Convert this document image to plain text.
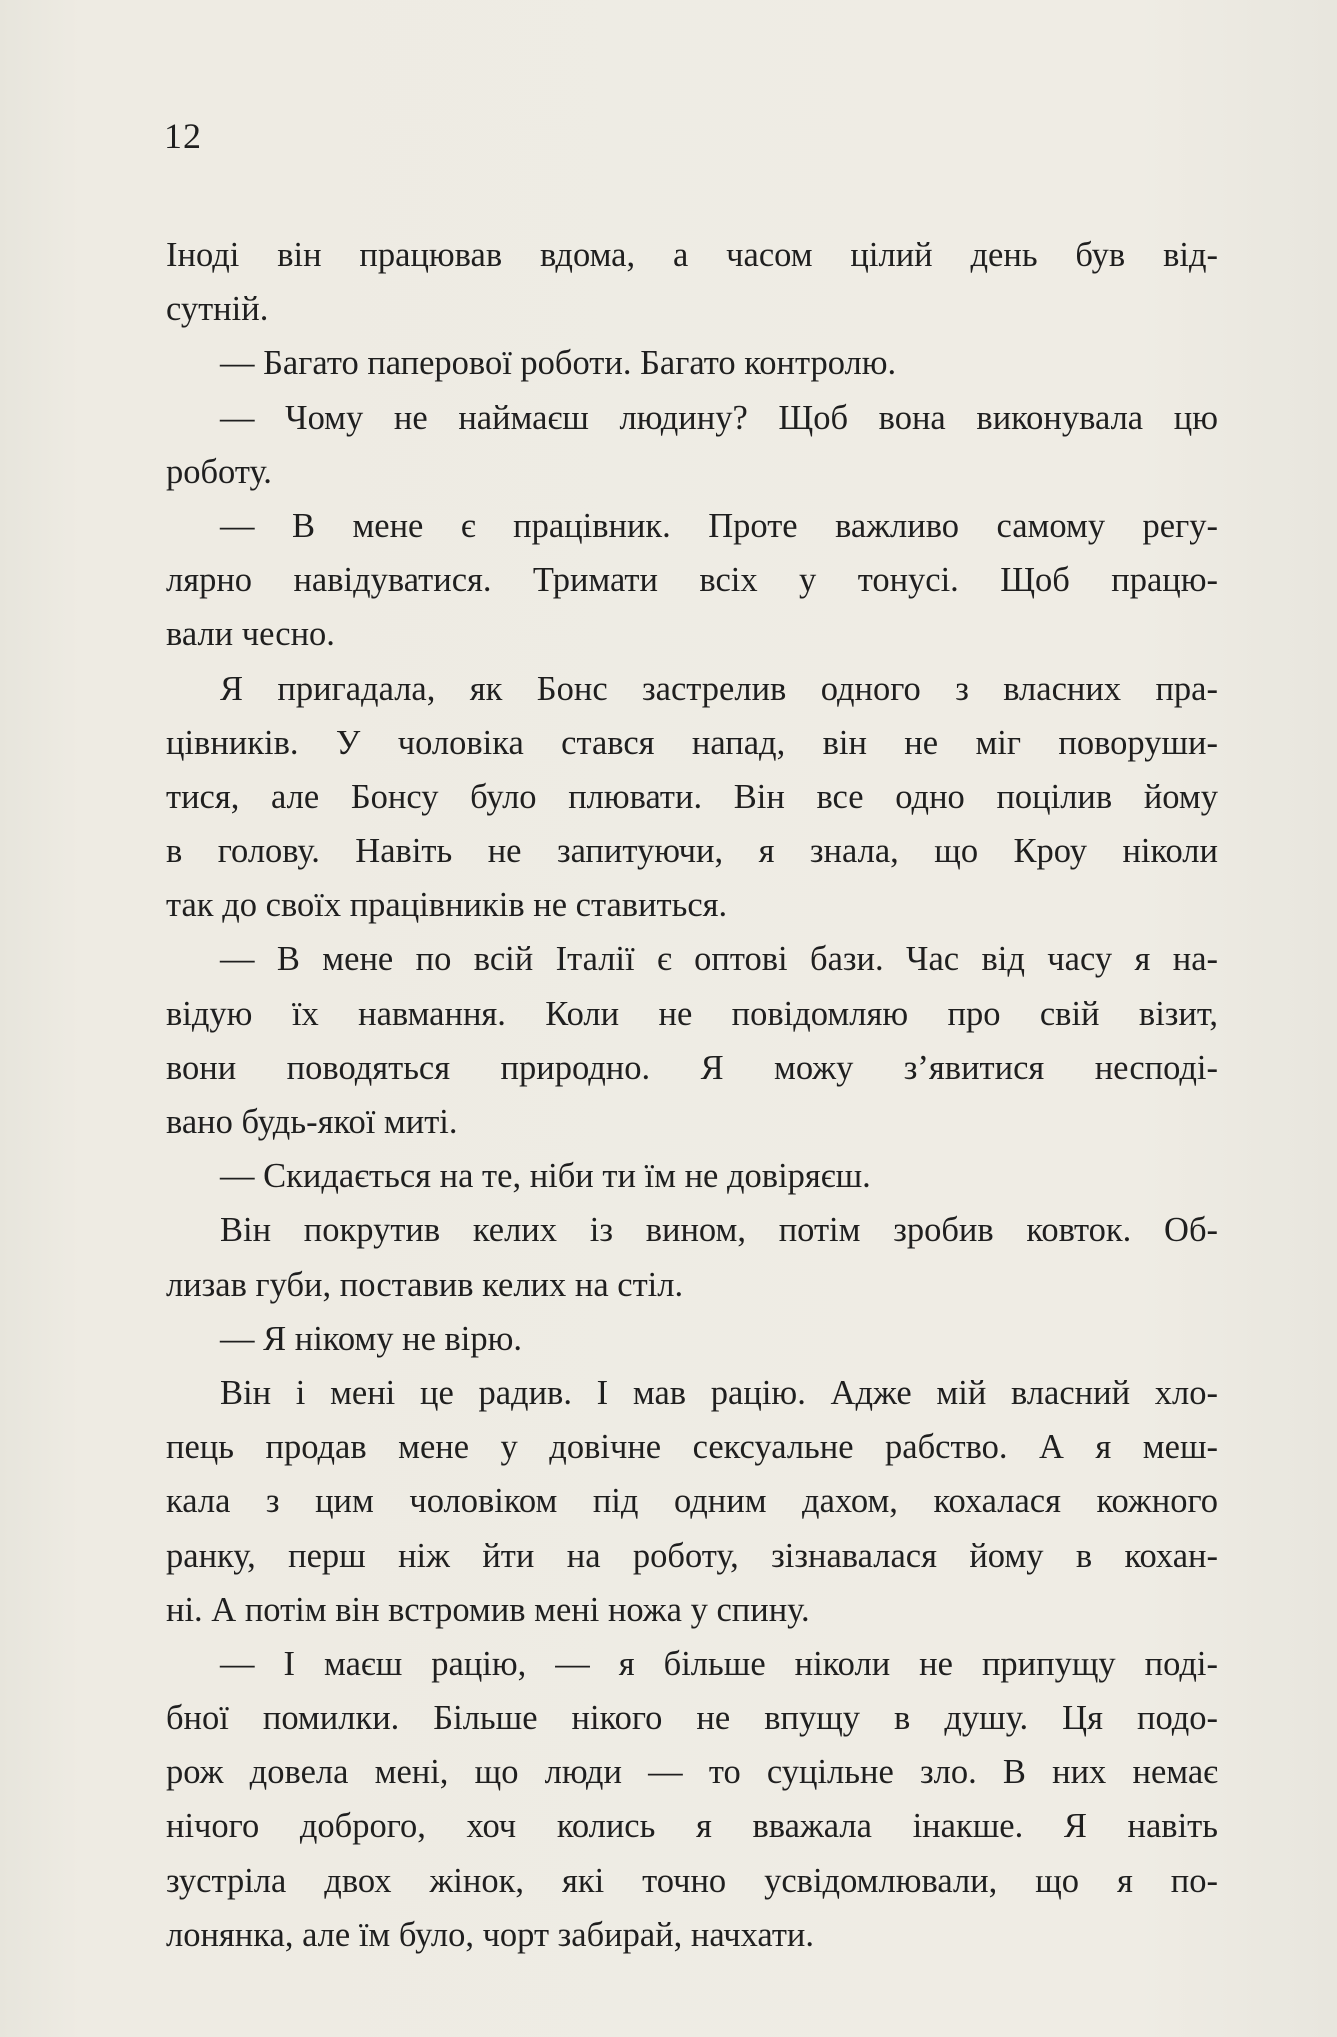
12
Іноді він працював вдома, а часом цілий день був від-
сутній.
— Багато паперової роботи. Багато контролю.
— Чому не наймаєш людину? Щоб вона виконувала цю
роботу.
— В мене є працівник. Проте важливо самому регу-
лярно навідуватися. Тримати всіх у тонусі. Щоб працю-
вали чесно.
Я пригадала, як Бонс застрелив одного з власних пра-
цівників. У чоловіка стався напад, він не міг поворуши-
тися, але Бонсу було плювати. Він все одно поцілив йому
в голову. Навіть не запитуючи, я знала, що Кроу ніколи
так до своїх працівників не ставиться.
— В мене по всій Італії є оптові бази. Час від часу я на-
відую їх навмання. Коли не повідомляю про свій візит,
вони поводяться природно. Я можу з’явитися несподі-
вано будь-якої миті.
— Скидається на те, ніби ти їм не довіряєш.
Він покрутив келих із вином, потім зробив ковток. Об-
лизав губи, поставив келих на стіл.
— Я нікому не вірю.
Він і мені це радив. І мав рацію. Адже мій власний хло-
пець продав мене у довічне сексуальне рабство. А я меш-
кала з цим чоловіком під одним дахом, кохалася кожного
ранку, перш ніж йти на роботу, зізнавалася йому в кохан-
ні. А потім він встромив мені ножа у спину.
— І маєш рацію, — я більше ніколи не припущу поді-
бної помилки. Більше нікого не впущу в душу. Ця подо-
рож довела мені, що люди — то суцільне зло. В них немає
нічого доброго, хоч колись я вважала інакше. Я навіть
зустріла двох жінок, які точно усвідомлювали, що я по-
лонянка, але їм було, чорт забирай, начхати.
